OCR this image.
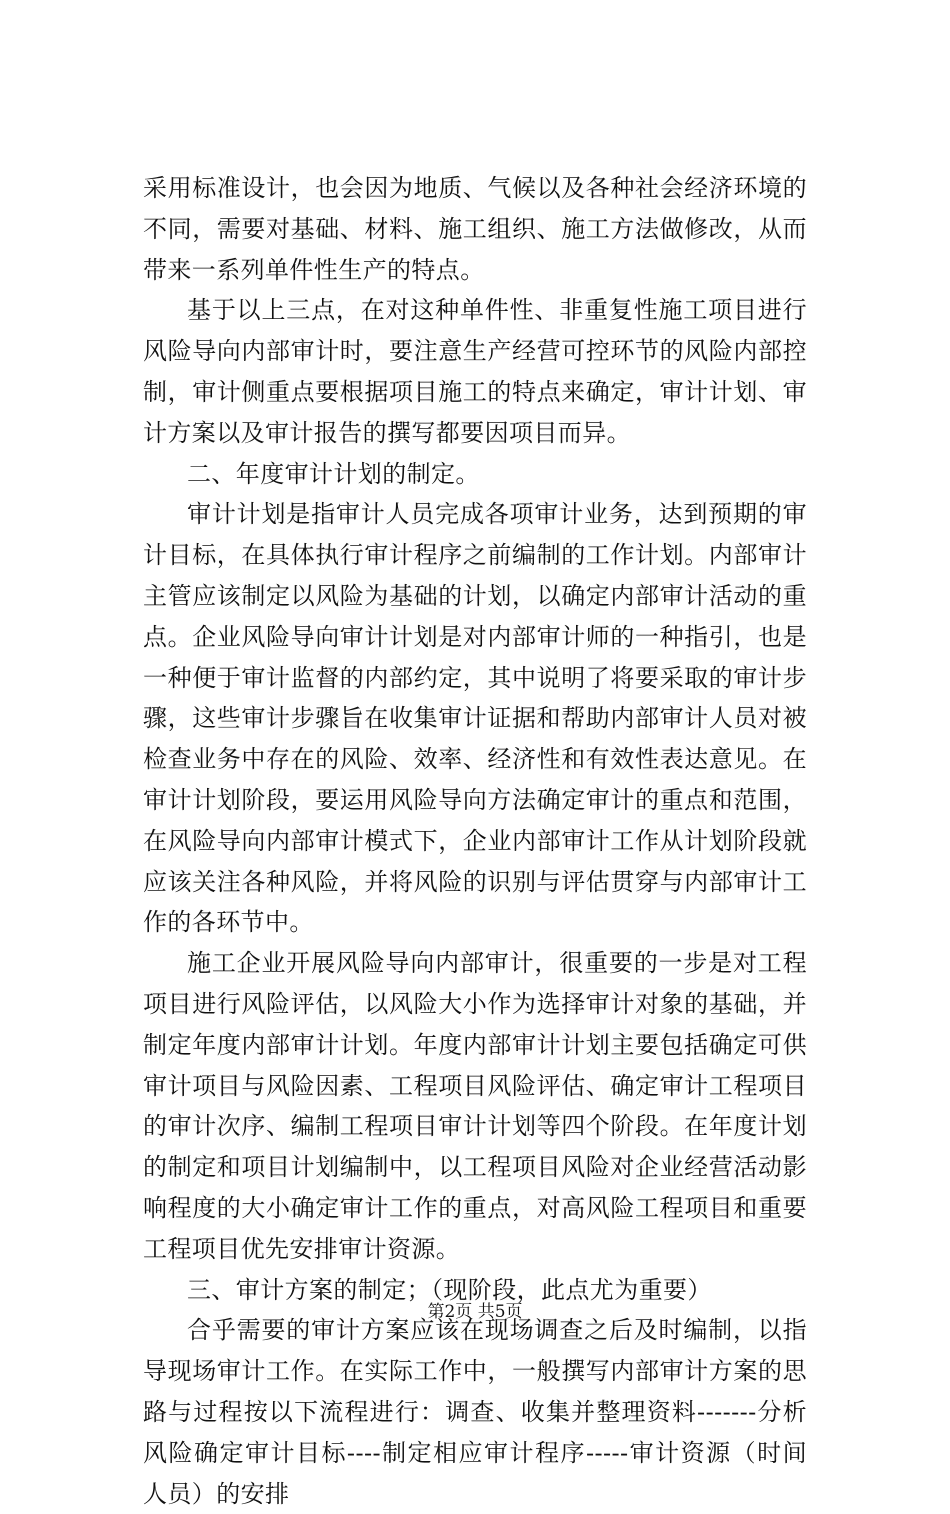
采用标准设计，也会因为地质、气候以及各种社会经济环境的
不同，需要对基础、材料、施工组织、施工方法做修改，从而
带来一系列单件性生产的特点。
基于以上三点，在对这种单件性、非重复性施工项目进行
风险导向内部审计时，要注意生产经营可控环节的风险内部控
制，审计侧重点要根据项目施工的特点来确定，审计计划、审
计方案以及审计报告的撰写都要因项目而异。
二、年度审计计划的制定。
审计计划是指审计人员完成各项审计业务，达到预期的审
计目标，在具体执行审计程序之前编制的工作计划。内部审计
主管应该制定以风险为基础的计划，以确定内部审计活动的重
点。企业风险导向审计计划是对内部审计师的一种指引，也是
一种便于审计监督的内部约定，其中说明了将要采取的审计步
骤，这些审计步骤旨在收集审计证据和帮助内部审计人员对被
检查业务中存在的风险、效率、经济性和有效性表达意见。在
审计计划阶段，要运用风险导向方法确定审计的重点和范围，
在风险导向内部审计模式下，企业内部审计工作从计划阶段就
应该关注各种风险，并将风险的识别与评估贯穿与内部审计工
作的各环节中。
施工企业开展风险导向内部审计，很重要的一步是对工程
项目进行风险评估，以风险大小作为选择审计对象的基础，并
制定年度内部审计计划。年度内部审计计划主要包括确定可供
审计项目与风险因素、工程项目风险评估、确定审计工程项目
的审计次序、编制工程项目审计计划等四个阶段。在年度计划
的制定和项目计划编制中，以工程项目风险对企业经营活动影
响程度的大小确定审计工作的重点，对高风险工程项目和重要
工程项目优先安排审计资源。
三、审计方案的制定；（现阶段，此点尤为重要）
合乎需要的审计方案应该在现场调查之后及时编制，以指
导现场审计工作。在实际工作中，一般撰写内部审计方案的思
路与过程按以下流程进行：调查、收集并整理资料-------分析
风险确定审计目标----制定相应审计程序-----审计资源（时间
人员）的安排
第2页 共5页
